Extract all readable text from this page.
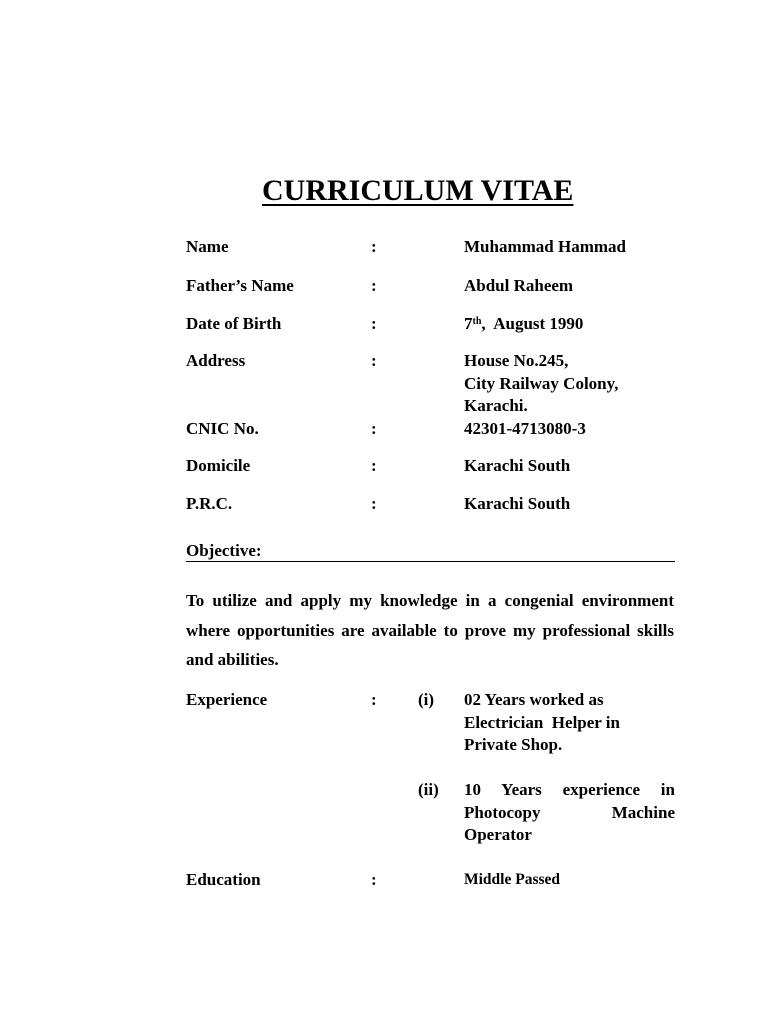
CURRICULUM VITAE
Name	:	Muhammad Hammad
Father’s Name	:	Abdul Raheem
Date of Birth	:	7th,  August 1990
Address	:	House No.245,
City Railway Colony,
Karachi.
CNIC No.	:	42301-4713080-3
Domicile	:	Karachi South
P.R.C.	:	Karachi South
Objective:
To utilize and apply my knowledge in a congenial environment where opportunities are available to prove my professional skills and abilities.
Experience	: (i) 02 Years worked as
Electrician  Helper in
Private Shop.
(ii) 10 Years experience in
Photocopy Machine
Operator
Education	:	Middle Passed
